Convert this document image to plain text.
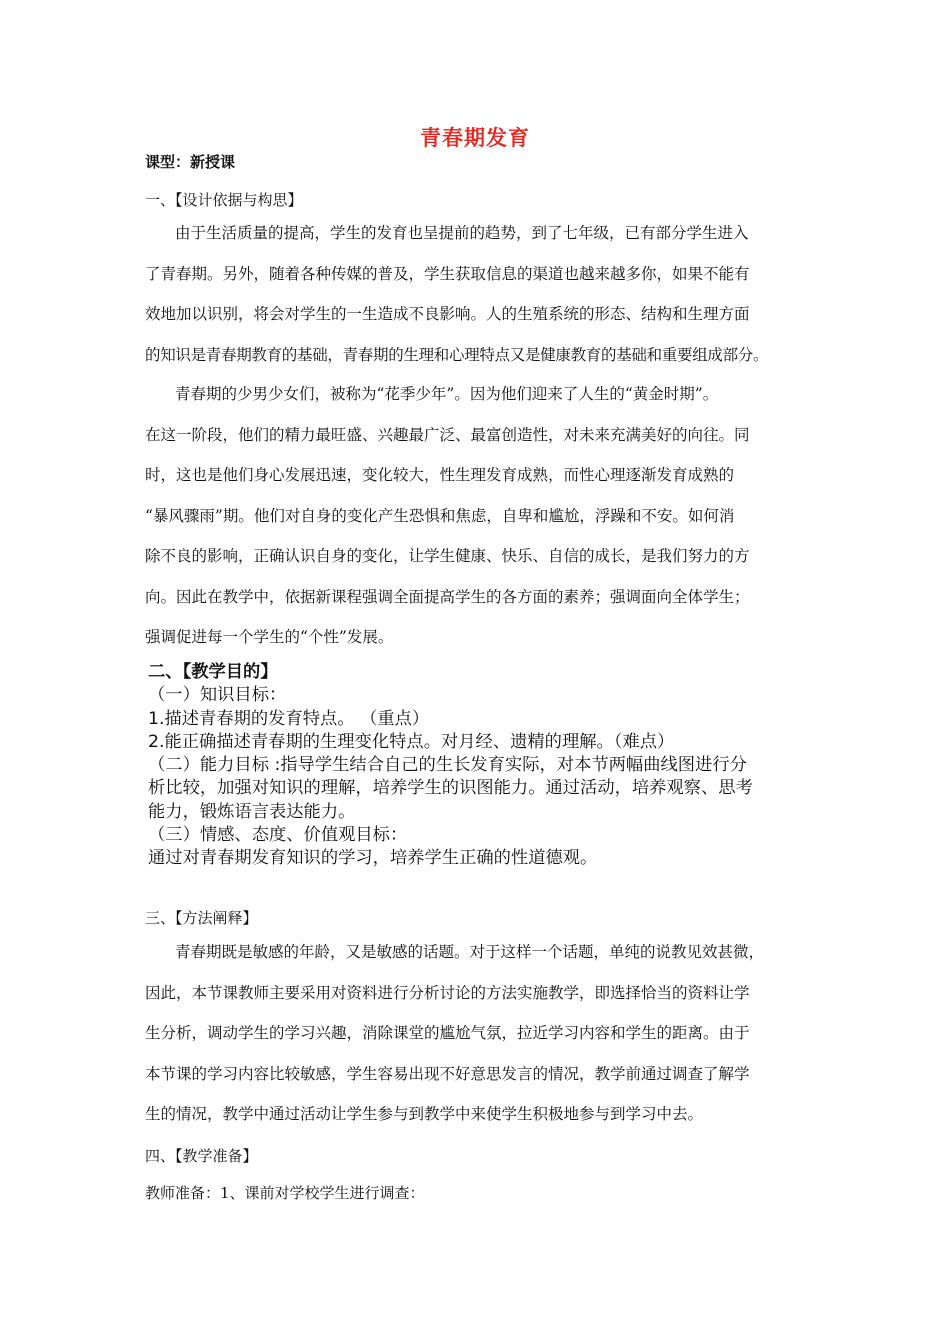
青春期发育
课型：新授课
一、【设计依据与构思】
由于生活质量的提高，学生的发育也呈提前的趋势，到了七年级，已有部分学生进入
了青春期。另外，随着各种传媒的普及，学生获取信息的渠道也越来越多你，如果不能有
效地加以识别，将会对学生的一生造成不良影响。人的生殖系统的形态、结构和生理方面
的知识是青春期教育的基础，青春期的生理和心理特点又是健康教育的基础和重要组成部分。
青春期的少男少女们，被称为“花季少年”。因为他们迎来了人生的“黄金时期”。
在这一阶段，他们的精力最旺盛、兴趣最广泛、最富创造性，对未来充满美好的向往。同
时，这也是他们身心发展迅速，变化较大，性生理发育成熟，而性心理逐渐发育成熟的
“暴风骤雨”期。他们对自身的变化产生恐惧和焦虑，自卑和尴尬，浮躁和不安。如何消
除不良的影响，正确认识自身的变化，让学生健康、快乐、自信的成长，是我们努力的方
向。因此在教学中，依据新课程强调全面提高学生的各方面的素养；强调面向全体学生；
强调促进每一个学生的“个性”发展。
二、【教学目的】
（一）知识目标：
1.描述青春期的发育特点。 （重点）
2.能正确描述青春期的生理变化特点。对月经、遗精的理解。（难点）
（二）能力目标 :指导学生结合自己的生长发育实际，对本节两幅曲线图进行分
析比较，加强对知识的理解，培养学生的识图能力。通过活动，培养观察、思考
能力，锻炼语言表达能力。
（三）情感、态度、价值观目标：
通过对青春期发育知识的学习，培养学生正确的性道德观。
三、【方法阐释】
青春期既是敏感的年龄，又是敏感的话题。对于这样一个话题，单纯的说教见效甚微，
因此，本节课教师主要采用对资料进行分析讨论的方法实施教学，即选择恰当的资料让学
生分析，调动学生的学习兴趣，消除课堂的尴尬气氛，拉近学习内容和学生的距离。由于
本节课的学习内容比较敏感，学生容易出现不好意思发言的情况，教学前通过调查了解学
生的情况，教学中通过活动让学生参与到教学中来使学生积极地参与到学习中去。
四、【教学准备】
教师准备：1、课前对学校学生进行调查：
